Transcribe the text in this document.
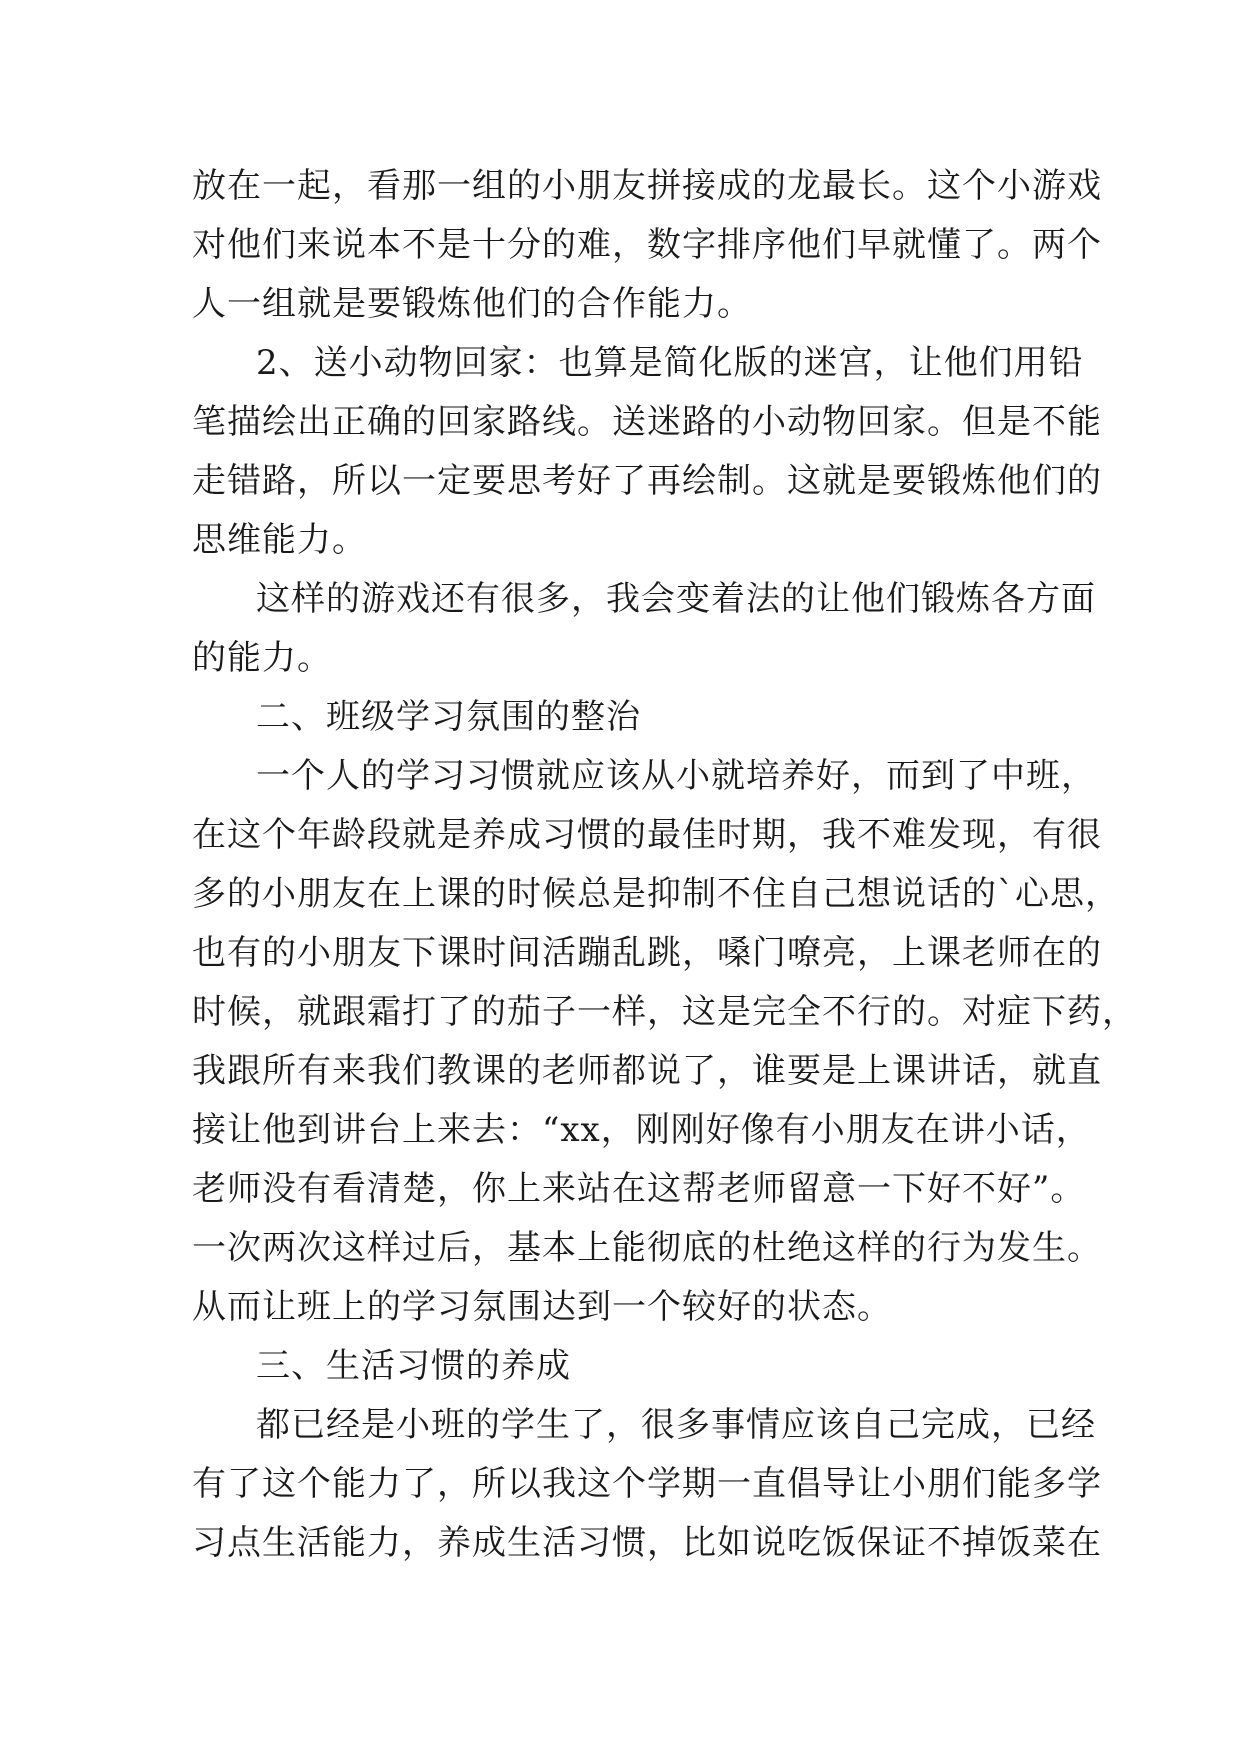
放在一起，看那一组的小朋友拼接成的龙最长。这个小游戏
对他们来说本不是十分的难，数字排序他们早就懂了。两个
人一组就是要锻炼他们的合作能力。
2、送小动物回家：也算是简化版的迷宫，让他们用铅
笔描绘出正确的回家路线。送迷路的小动物回家。但是不能
走错路，所以一定要思考好了再绘制。这就是要锻炼他们的
思维能力。
这样的游戏还有很多，我会变着法的让他们锻炼各方面
的能力。
二、班级学习氛围的整治
一个人的学习习惯就应该从小就培养好，而到了中班，
在这个年龄段就是养成习惯的最佳时期，我不难发现，有很
多的小朋友在上课的时候总是抑制不住自己想说话的`心思，
也有的小朋友下课时间活蹦乱跳，嗓门嘹亮，上课老师在的
时候，就跟霜打了的茄子一样，这是完全不行的。对症下药，
我跟所有来我们教课的老师都说了，谁要是上课讲话，就直
接让他到讲台上来去：“xx，刚刚好像有小朋友在讲小话，
老师没有看清楚，你上来站在这帮老师留意一下好不好”。
一次两次这样过后，基本上能彻底的杜绝这样的行为发生。
从而让班上的学习氛围达到一个较好的状态。
三、生活习惯的养成
都已经是小班的学生了，很多事情应该自己完成，已经
有了这个能力了，所以我这个学期一直倡导让小朋们能多学
习点生活能力，养成生活习惯，比如说吃饭保证不掉饭菜在
